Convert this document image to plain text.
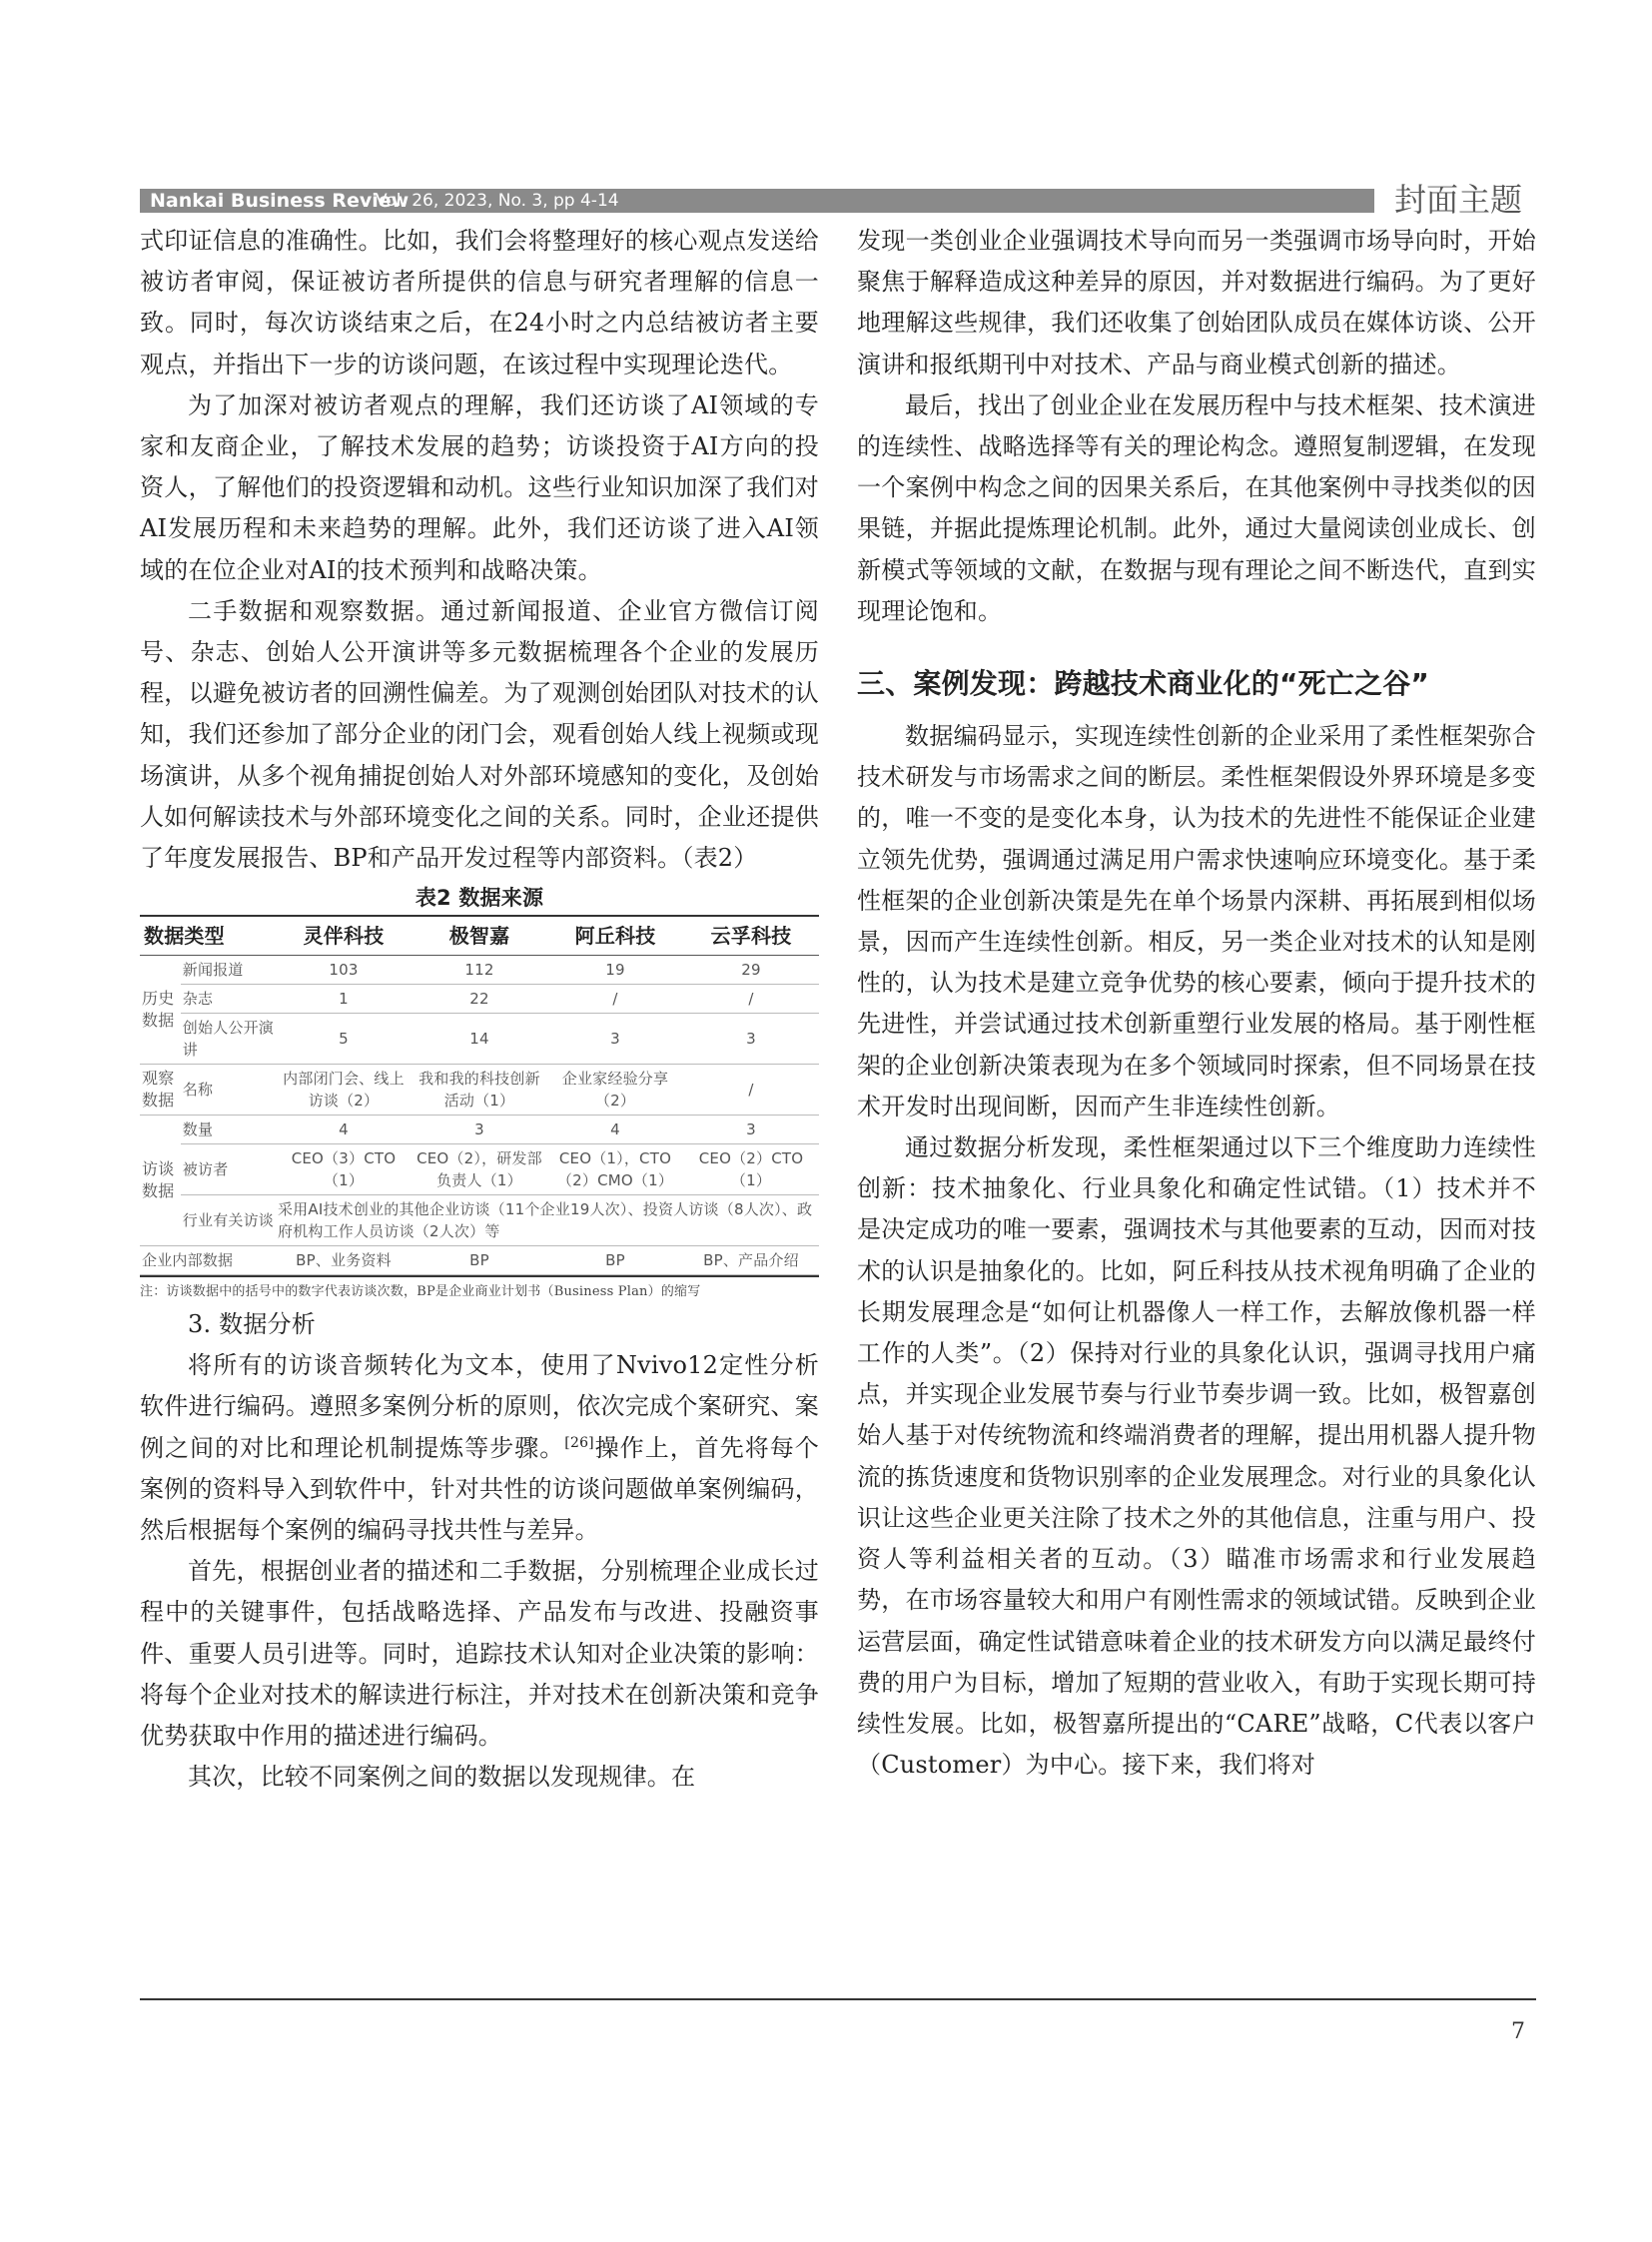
Nankai Business Review
Vol. 26, 2023, No. 3, pp 4-14	封面主题

式印证信息的准确性。比如，我们会将整理好的核心观点发送给被访者审阅，保证被访者所提供的信息与研究者理解的信息一致。同时，每次访谈结束之后，在24小时之内总结被访者主要观点，并指出下一步的访谈问题，在该过程中实现理论迭代。

为了加深对被访者观点的理解，我们还访谈了AI领域的专家和友商企业，了解技术发展的趋势；访谈投资于AI方向的投资人，了解他们的投资逻辑和动机。这些行业知识加深了我们对AI发展历程和未来趋势的理解。此外，我们还访谈了进入AI领域的在位企业对AI的技术预判和战略决策。

二手数据和观察数据。通过新闻报道、企业官方微信订阅号、杂志、创始人公开演讲等多元数据梳理各个企业的发展历程，以避免被访者的回溯性偏差。为了观测创始团队对技术的认知，我们还参加了部分企业的闭门会，观看创始人线上视频或现场演讲，从多个视角捕捉创始人对外部环境感知的变化，及创始人如何解读技术与外部环境变化之间的关系。同时，企业还提供了年度发展报告、BP和产品开发过程等内部资料。（表2）

表2 数据来源
数据类型	灵伴科技	极智嘉	阿丘科技	云孚科技

历史数据	新闻报道	103	112	19	29
杂志	1	22	/	/
创始人公开演讲	5	14	3	3
观察数据	名称	内部闭门会、线上访谈（2）	我和我的科技创新活动（1）	企业家经验分享（2）	/
访谈数据	数量	4	3	4	3
被访者	CEO（3）CTO（1）	CEO（2），研发部负责人（1）	CEO（1），CTO（2）CMO（1）	CEO（2）CTO（1）
行业有关访谈	采用AI技术创业的其他企业访谈（11个企业19人次）、投资人访谈（8人次）、政府机构工作人员访谈（2人次）等
企业内部数据	BP、业务资料	BP	BP	BP、产品介绍
注：访谈数据中的括号中的数字代表访谈次数，BP是企业商业计划书（Business Plan）的缩写
3. 数据分析

将所有的访谈音频转化为文本，使用了Nvivo12定性分析软件进行编码。遵照多案例分析的原则，依次完成个案研究、案例之间的对比和理论机制提炼等步骤。[26]操作上，首先将每个案例的资料导入到软件中，针对共性的访谈问题做单案例编码，然后根据每个案例的编码寻找共性与差异。

首先，根据创业者的描述和二手数据，分别梳理企业成长过程中的关键事件，包括战略选择、产品发布与改进、投融资事件、重要人员引进等。同时，追踪技术认知对企业决策的影响：将每个企业对技术的解读进行标注，并对技术在创新决策和竞争优势获取中作用的描述进行编码。

其次，比较不同案例之间的数据以发现规律。在

发现一类创业企业强调技术导向而另一类强调市场导向时，开始聚焦于解释造成这种差异的原因，并对数据进行编码。为了更好地理解这些规律，我们还收集了创始团队成员在媒体访谈、公开演讲和报纸期刊中对技术、产品与商业模式创新的描述。

最后，找出了创业企业在发展历程中与技术框架、技术演进的连续性、战略选择等有关的理论构念。遵照复制逻辑，在发现一个案例中构念之间的因果关系后，在其他案例中寻找类似的因果链，并据此提炼理论机制。此外，通过大量阅读创业成长、创新模式等领域的文献，在数据与现有理论之间不断迭代，直到实现理论饱和。

三、案例发现：跨越技术商业化的“死亡之谷”

数据编码显示，实现连续性创新的企业采用了柔性框架弥合技术研发与市场需求之间的断层。柔性框架假设外界环境是多变的，唯一不变的是变化本身，认为技术的先进性不能保证企业建立领先优势，强调通过满足用户需求快速响应环境变化。基于柔性框架的企业创新决策是先在单个场景内深耕、再拓展到相似场景，因而产生连续性创新。相反，另一类企业对技术的认知是刚性的，认为技术是建立竞争优势的核心要素，倾向于提升技术的先进性，并尝试通过技术创新重塑行业发展的格局。基于刚性框架的企业创新决策表现为在多个领域同时探索，但不同场景在技术开发时出现间断，因而产生非连续性创新。

通过数据分析发现，柔性框架通过以下三个维度助力连续性创新：技术抽象化、行业具象化和确定性试错。（1）技术并不是决定成功的唯一要素，强调技术与其他要素的互动，因而对技术的认识是抽象化的。比如，阿丘科技从技术视角明确了企业的长期发展理念是“如何让机器像人一样工作，去解放像机器一样工作的人类”。（2）保持对行业的具象化认识，强调寻找用户痛点，并实现企业发展节奏与行业节奏步调一致。比如，极智嘉创始人基于对传统物流和终端消费者的理解，提出用机器人提升物流的拣货速度和货物识别率的企业发展理念。对行业的具象化认识让这些企业更关注除了技术之外的其他信息，注重与用户、投资人等利益相关者的互动。（3）瞄准市场需求和行业发展趋势，在市场容量较大和用户有刚性需求的领域试错。反映到企业运营层面，确定性试错意味着企业的技术研发方向以满足最终付费的用户为目标，增加了短期的营业收入，有助于实现长期可持续性发展。比如，极智嘉所提出的“CARE”战略，C代表以客户（Customer）为中心。接下来，我们将对

7
